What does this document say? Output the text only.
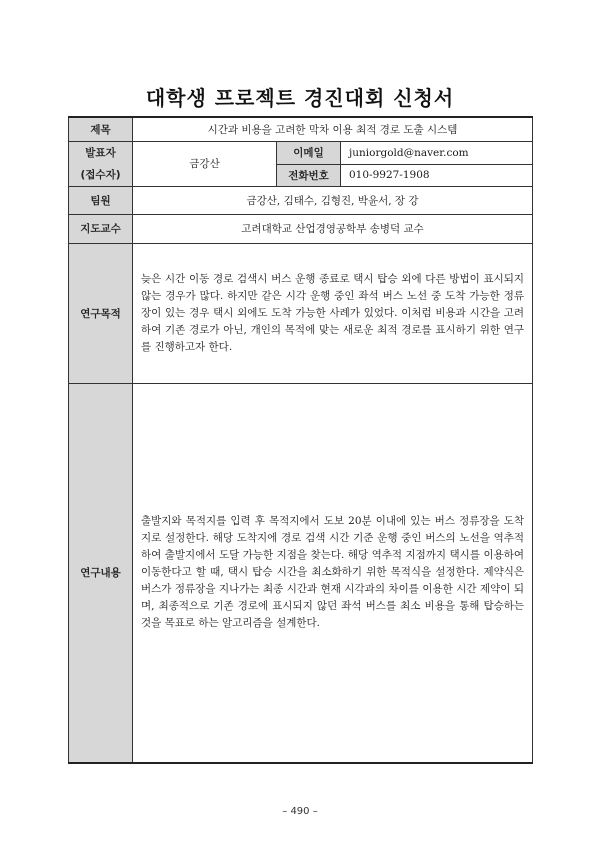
대학생 프로젝트 경진대회 신청서
제목	시간과 비용을 고려한 막차 이용 최적 경로 도출 시스템		

발표자
(접수자)	금강산	이메일	juniorgold@naver.com
		전화번호	010-9927-1908
팀원	금강산, 김태수, 김형진, 박윤서, 장 강		
지도교수	고려대학교 산업경영공학부 송병덕 교수		
연구목적	늦은 시간 이동 경로 검색시 버스 운행 종료로 택시 탑승 외에 다른 방법이 표시되지 않는 경우가 많다. 하지만 같은 시각 운행 중인 좌석 버스 노선 중 도착 가능한 정류장이 있는 경우 택시 외에도 도착 가능한 사례가 있었다. 이처럼 비용과 시간을 고려하여 기존 경로가 아닌, 개인의 목적에 맞는 새로운 최적 경로를 표시하기 위한 연구를 진행하고자 한다.		
연구내용	출발지와 목적지를 입력 후 목적지에서 도보 20분 이내에 있는 버스 정류장을 도착지로 설정한다. 해당 도착지에 경로 검색 시간 기준 운행 중인 버스의 노선을 역추적하여 출발지에서 도달 가능한 지점을 찾는다. 해당 역추적 지점까지 택시를 이용하여 이동한다고 할 때, 택시 탑승 시간을 최소화하기 위한 목적식을 설정한다. 제약식은 버스가 정류장을 지나가는 최종 시간과 현재 시각과의 차이를 이용한 시간 제약이 되며, 최종적으로 기존 경로에 표시되지 않던 좌석 버스를 최소 비용을 통해 탑승하는 것을 목표로 하는 알고리즘을 설계한다.		
– 490 –
